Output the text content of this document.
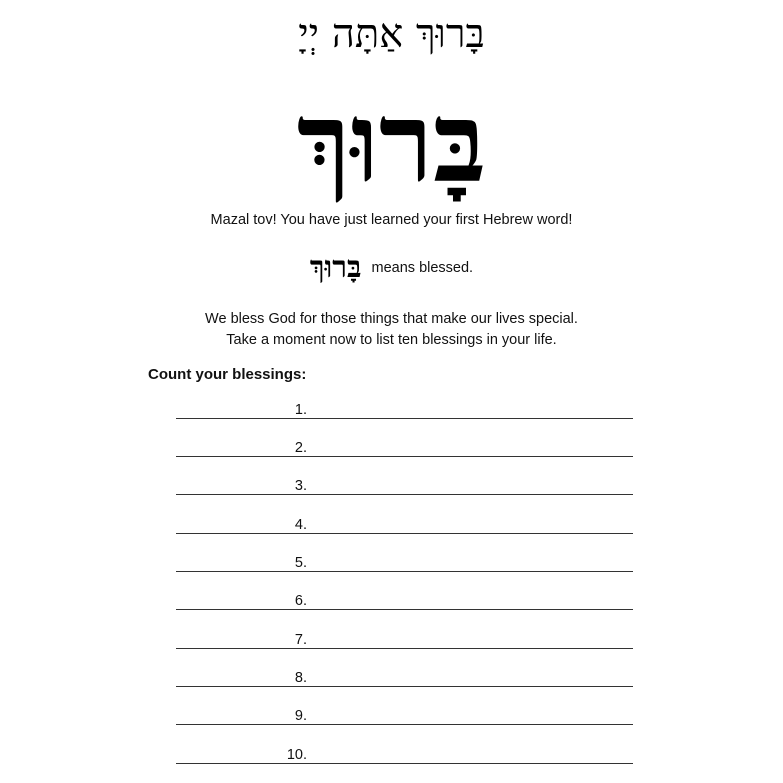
בָּרוּךְ אַתָּה יְיָ
בָּרוּךְ
Mazal tov! You have just learned your first Hebrew word!
בָּרוּךְ means blessed.
We bless God for those things that make our lives special.
Take a moment now to list ten blessings in your life.
Count your blessings:
1.
2.
3.
4.
5.
6.
7.
8.
9.
10.
